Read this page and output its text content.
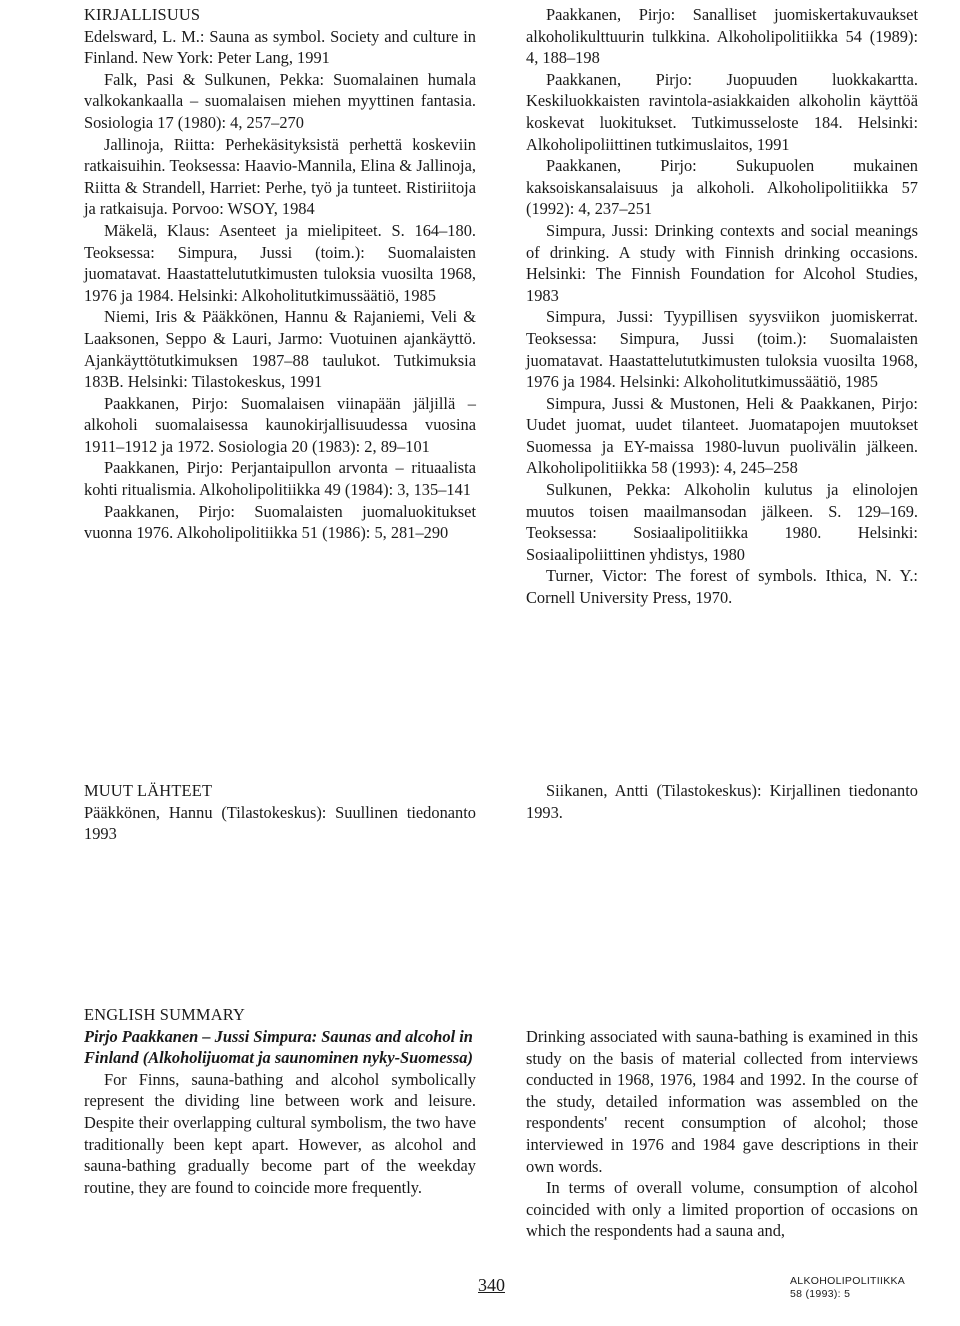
KIRJALLISUUS
Edelsward, L. M.: Sauna as symbol. Society and culture in Finland. New York: Peter Lang, 1991
Falk, Pasi & Sulkunen, Pekka: Suomalainen humala valkokankaalla – suomalaisen miehen myyttinen fantasia. Sosiologia 17 (1980): 4, 257–270
Jallinoja, Riitta: Perhekäsityksistä perhettä koskeviin ratkaisuihin. Teoksessa: Haavio-Mannila, Elina & Jallinoja, Riitta & Strandell, Harriet: Perhe, työ ja tunteet. Ristiriitoja ja ratkaisuja. Porvoo: WSOY, 1984
Mäkelä, Klaus: Asenteet ja mielipiteet. S. 164–180. Teoksessa: Simpura, Jussi (toim.): Suomalaisten juomatavat. Haastattelututkimusten tuloksia vuosilta 1968, 1976 ja 1984. Helsinki: Alkoholitutkimussäätiö, 1985
Niemi, Iris & Pääkkönen, Hannu & Rajaniemi, Veli & Laaksonen, Seppo & Lauri, Jarmo: Vuotuinen ajankäyttö. Ajankäyttötutkimuksen 1987–88 taulukot. Tutkimuksia 183B. Helsinki: Tilastokeskus, 1991
Paakkanen, Pirjo: Suomalaisen viinapään jäljillä – alkoholi suomalaisessa kaunokirjallisuudessa vuosina 1911–1912 ja 1972. Sosiologia 20 (1983): 2, 89–101
Paakkanen, Pirjo: Perjantaipullon arvonta – rituaalista kohti ritualismia. Alkoholipolitiikka 49 (1984): 3, 135–141
Paakkanen, Pirjo: Suomalaisten juomaluokitukset vuonna 1976. Alkoholipolitiikka 51 (1986): 5, 281–290
Paakkanen, Pirjo: Sanalliset juomiskertakuvaukset alkoholikulttuurin tulkkina. Alkoholipolitiikka 54 (1989): 4, 188–198
Paakkanen, Pirjo: Juopuuden luokkakartta. Keskiluokkaisten ravintola-asiakkaiden alkoholin käyttöä koskevat luokitukset. Tutkimusseloste 184. Helsinki: Alkoholipoliittinen tutkimuslaitos, 1991
Paakkanen, Pirjo: Sukupuolen mukainen kaksoiskansalaisuus ja alkoholi. Alkoholipolitiikka 57 (1992): 4, 237–251
Simpura, Jussi: Drinking contexts and social meanings of drinking. A study with Finnish drinking occasions. Helsinki: The Finnish Foundation for Alcohol Studies, 1983
Simpura, Jussi: Tyypillisen syysviikon juomiskerrat. Teoksessa: Simpura, Jussi (toim.): Suomalaisten juomatavat. Haastattelututkimusten tuloksia vuosilta 1968, 1976 ja 1984. Helsinki: Alkoholitutkimussäätiö, 1985
Simpura, Jussi & Mustonen, Heli & Paakkanen, Pirjo: Uudet juomat, uudet tilanteet. Juomatapojen muutokset Suomessa ja EY-maissa 1980-luvun puolivälin jälkeen. Alkoholipolitiikka 58 (1993): 4, 245–258
Sulkunen, Pekka: Alkoholin kulutus ja elinolojen muutos toisen maailmansodan jälkeen. S. 129–169. Teoksessa: Sosiaalipolitiikka 1980. Helsinki: Sosiaalipoliittinen yhdistys, 1980
Turner, Victor: The forest of symbols. Ithica, N. Y.: Cornell University Press, 1970.
MUUT LÄHTEET
Pääkkönen, Hannu (Tilastokeskus): Suullinen tiedonanto 1993
Siikanen, Antti (Tilastokeskus): Kirjallinen tiedonanto 1993.
ENGLISH SUMMARY
Pirjo Paakkanen – Jussi Simpura: Saunas and alcohol in Finland (Alkoholijuomat ja saunominen nyky-Suomessa)
For Finns, sauna-bathing and alcohol symbolically represent the dividing line between work and leisure. Despite their overlapping cultural symbolism, the two have traditionally been kept apart. However, as alcohol and sauna-bathing gradually become part of the weekday routine, they are found to coincide more frequently.
Drinking associated with sauna-bathing is examined in this study on the basis of material collected from interviews conducted in 1968, 1976, 1984 and 1992. In the course of the study, detailed information was assembled on the respondents' recent consumption of alcohol; those interviewed in 1976 and 1984 gave descriptions in their own words.
In terms of overall volume, consumption of alcohol coincided with only a limited proportion of occasions on which the respondents had a sauna and,
340	ALKOHOLIPOLITIIKKA
58 (1993): 5
